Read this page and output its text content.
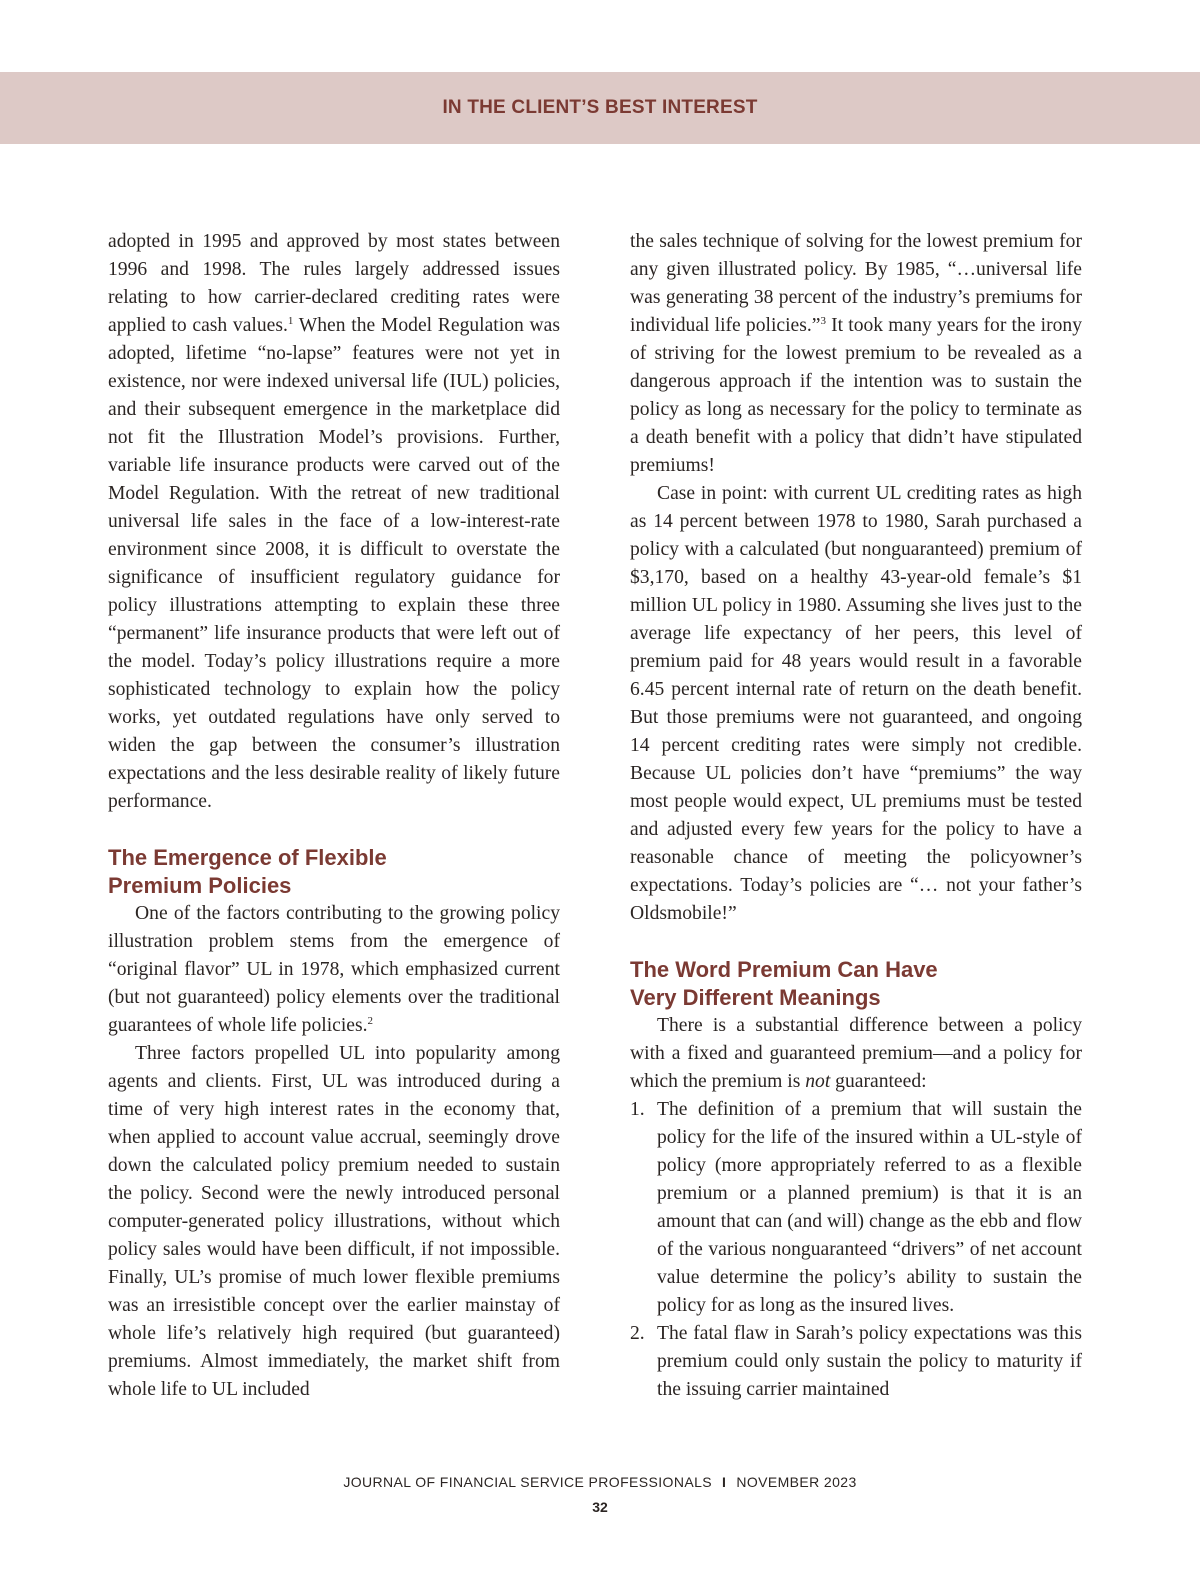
IN THE CLIENT’S BEST INTEREST

adopted in 1995 and approved by most states between 1996 and 1998. The rules largely addressed issues relating to how carrier-declared crediting rates were applied to cash values.$^1$ When the Model Regulation was adopted, lifetime “no-lapse” features were not yet in existence, nor were indexed universal life (IUL) policies, and their subsequent emergence in the marketplace did not fit the Illustration Model’s provisions. Further, variable life insurance products were carved out of the Model Regulation. With the retreat of new traditional universal life sales in the face of a low-interest-rate environment since 2008, it is difficult to overstate the significance of insufficient regulatory guidance for policy illustrations attempting to explain these three “permanent” life insurance products that were left out of the model. Today’s policy illustrations require a more sophisticated technology to explain how the policy works, yet outdated regulations have only served to widen the gap between the consumer’s illustration expectations and the less desirable reality of likely future performance.

The Emergence of Flexible
Premium Policies

One of the factors contributing to the growing policy illustration problem stems from the emergence of “original flavor” UL in 1978, which emphasized current (but not guaranteed) policy elements over the traditional guarantees of whole life policies.$^2$

Three factors propelled UL into popularity among agents and clients. First, UL was introduced during a time of very high interest rates in the economy that, when applied to account value accrual, seemingly drove down the calculated policy premium needed to sustain the policy. Second were the newly introduced personal computer-generated policy illustrations, without which policy sales would have been difficult, if not impossible. Finally, UL’s promise of much lower flexible premiums was an irresistible concept over the earlier mainstay of whole life’s relatively high required (but guaranteed) premiums. Almost immediately, the market shift from whole life to UL included

the sales technique of solving for the lowest premium for any given illustrated policy. By 1985, “…universal life was generating 38 percent of the industry’s premiums for individual life policies.”$^3$ It took many years for the irony of striving for the lowest premium to be revealed as a dangerous approach if the intention was to sustain the policy as long as necessary for the policy to terminate as a death benefit with a policy that didn’t have stipulated premiums!

Case in point: with current UL crediting rates as high as 14 percent between 1978 to 1980, Sarah purchased a policy with a calculated (but nonguaranteed) premium of $3,170, based on a healthy 43-year-old female’s $1 million UL policy in 1980. Assuming she lives just to the average life expectancy of her peers, this level of premium paid for 48 years would result in a favorable 6.45 percent internal rate of return on the death benefit. But those premiums were not guaranteed, and ongoing 14 percent crediting rates were simply not credible. Because UL policies don’t have “premiums” the way most people would expect, UL premiums must be tested and adjusted every few years for the policy to have a reasonable chance of meeting the policyowner’s expectations. Today’s policies are “… not your father’s Oldsmobile!”

The Word Premium Can Have
Very Different Meanings

There is a substantial difference between a policy with a fixed and guaranteed premium—and a policy for which the premium is not guaranteed:

1. The definition of a premium that will sustain the policy for the life of the insured within a UL-style of policy (more appropriately referred to as a flexible premium or a planned premium) is that it is an amount that can (and will) change as the ebb and flow of the various nonguaranteed “drivers” of net account value determine the policy’s ability to sustain the policy for as long as the insured lives.
2. The fatal flaw in Sarah’s policy expectations was this premium could only sustain the policy to maturity if the issuing carrier maintained
JOURNAL OF FINANCIAL SERVICE PROFESSIONALS I NOVEMBER 2023
32
